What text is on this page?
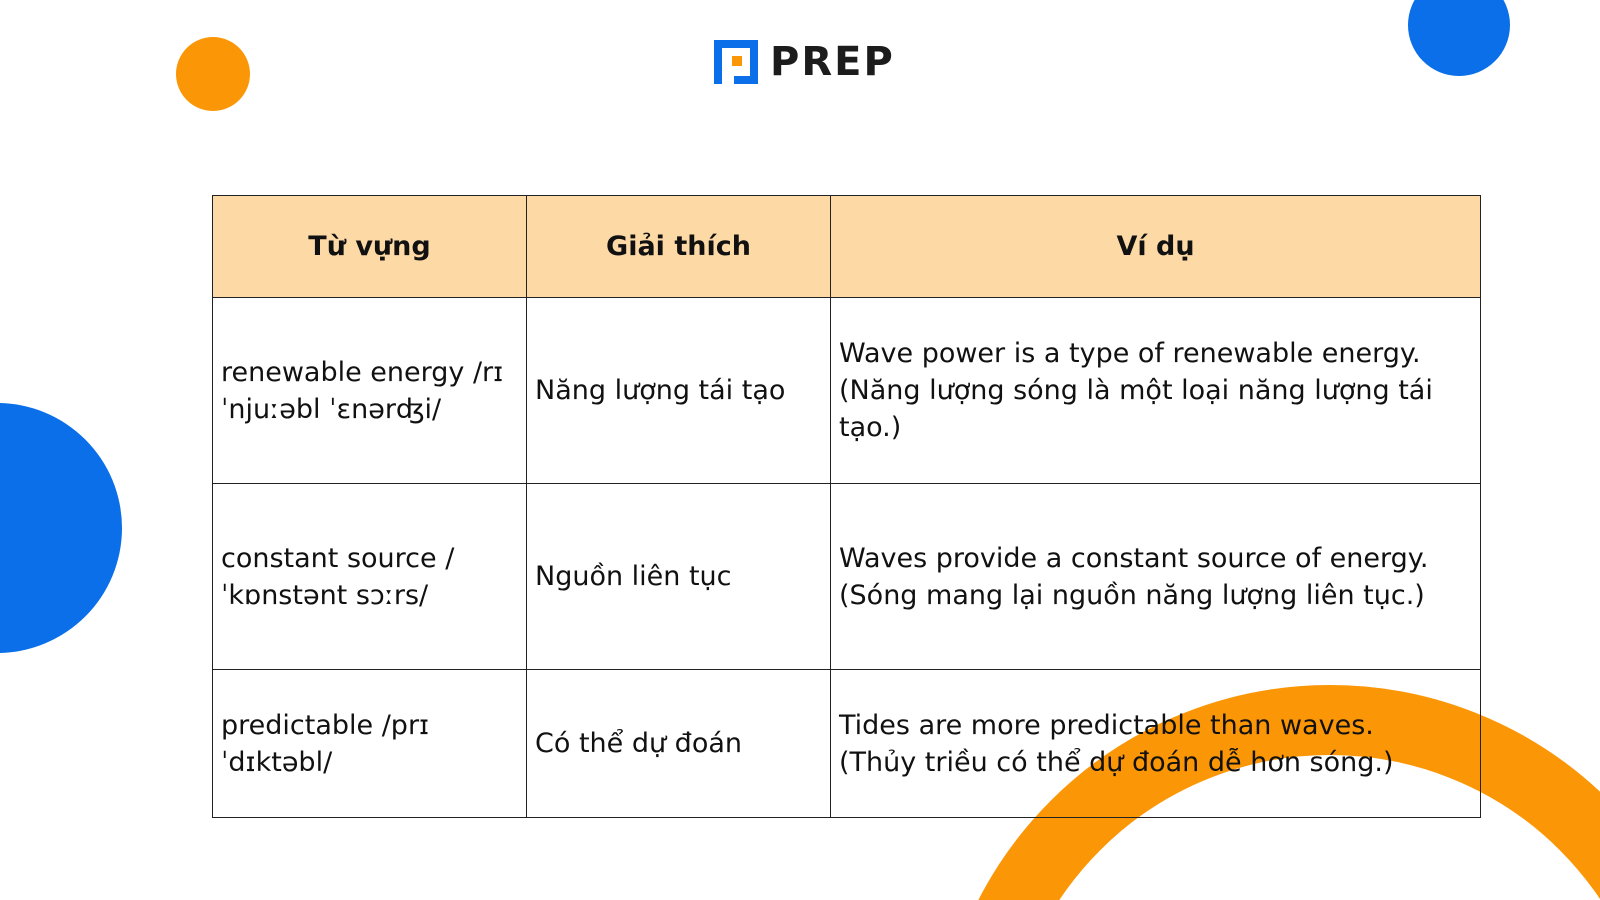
PREP
Từ vựng	Giải thích	Ví dụ
renewable energy /rɪ ˈnjuːəbl ˈɛnərʤi/	Năng lượng tái tạo	Wave power is a type of renewable energy.
(Năng lượng sóng là một loại năng lượng tái tạo.)

constant source /ˈkɒnstənt sɔːrs/	Nguồn liên tục	Waves provide a constant source of energy.
(Sóng mang lại nguồn năng lượng liên tục.)

predictable /prɪ ˈdɪktəbl/	Có thể dự đoán	Tides are more predictable than waves.
(Thủy triều có thể dự đoán dễ hơn sóng.)
